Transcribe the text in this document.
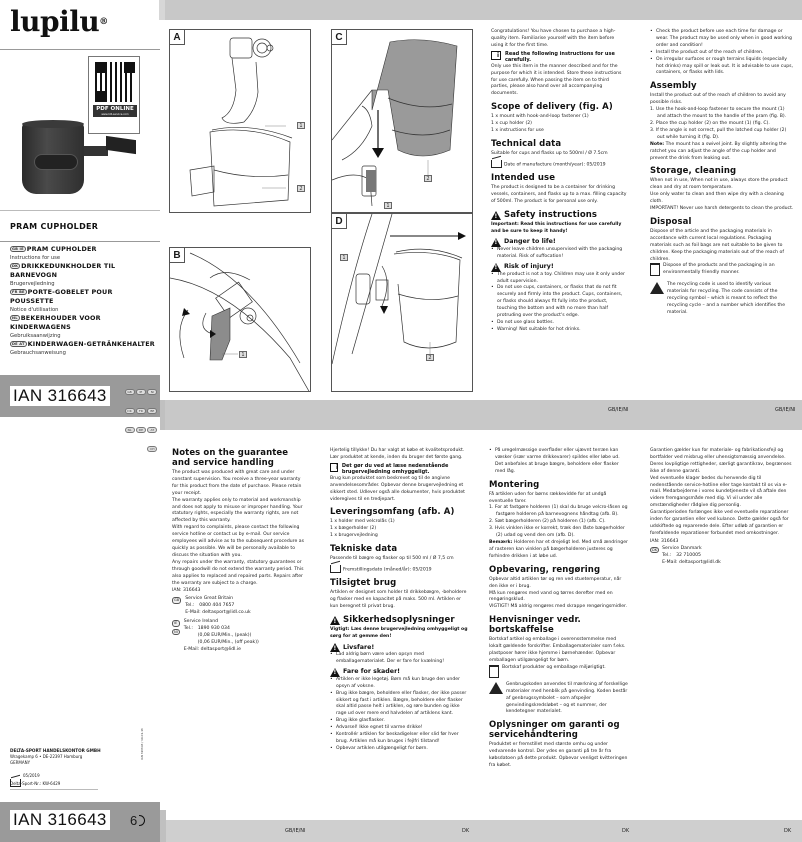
lupilu®
PDF ONLINE
www.lidl-service.com
PRAM CUPHOLDER
GB IE PRAM CUPHOLDER
Instructions for use
DK DRIKKEDUNKHOLDER TIL BARNEVOGN
Brugervejledning
FR BE PORTE-GOBELET POUR POUSSETTE
Notice d'utilisation
NL BEKERHOUDER VOOR KINDERWAGENS
Gebruiksaanwijzing
DE AT KINDERWAGEN-GETRÄNKEHALTER
Gebrauchsanweisung
IAN 316643	GB	IE	NI
DK FR BE
NL DE AT
CH
A
1
2
B
1
C
2
1
D
1
2

Congratulations! You have chosen to purchase a high-quality item. Familiarise yourself with the item before using it for the first time.

i
Read the following instructions for use carefully.

Only use this item in the manner described and for the purpose for which it is intended. Store these instructions for use carefully. When passing the item on to third parties, please also hand over all accompanying documents.

Scope of delivery (fig. A)

1 x mount with hook-and-loop fastener (1)

1 x cup holder (2)

1 x instructions for use

Technical data

Suitable for cups and flasks up to 500ml / Ø 7.5cm

Date of manufacture (month/year): 05/2019

Intended use

The product is designed to be a container for drinking vessels, containers, and flasks up to a max. filling capacity of 500ml. The product is for personal use only.

!
Safety instructions

Important: Read this instructions for use carefully and be sure to keep it handy!

!
Danger to life!
• Never leave children unsupervised with the packaging material. Risk of suffocation!
!
Risk of injury!
• The product is not a toy. Children may use it only under adult supervision.
• Do not use cups, containers, or flasks that do not fit securely and firmly into the product. Cups, containers, or flasks should always fit fully into the product, touching the bottom and with no more than half protruding over the product's edge.
• Do not use glass bottles.
• Warning! Not suitable for hot drinks.
GB/IE/NI
• Check the product before use each time for damage or wear. The product may be used only when in good working order and condition!
• Install the product out of the reach of children.
• On irregular surfaces or rough terrains liquids (especially hot drinks) may spill or leak out. It is advisable to use cups, containers, or flasks with lids.
Assembly

Install the product out of the reach of children to avoid any possible risks.

1. Use the hook-and-loop fastener to secure the mount (1) and attach the mount to the handle of the pram (fig. B).
2. Place the cup holder (2) on the mount (1) (fig. C).
3. If the angle is not correct, pull the latched cup holder (2) out while turning it (fig. D).

Note: The mount has a swivel joint. By slightly altering the ratchet you can adjust the angle of the cup holder and prevent the drink from leaking out.

Storage, cleaning

When not in use, When not in use, always store the product clean and dry at room temperature.

Use only water to clean and then wipe dry with a cleaning cloth.

IMPORTANT! Never use harsh detergents to clean the product.

Disposal

Dispose of the article and the packaging materials in accordance with current local regulations. Packaging materials such as foil bags are not suitable to be given to children. Keep the packaging materials out of the reach of children.

Dispose of the products and the packaging in an environmentally friendly manner.
The recycling code is used to identify various materials for recycling. The code consists of the recycling symbol – which is meant to reflect the recycling cycle – and a number which identifies the material.
GB/IE/NI
DELTA-SPORT HANDELSKONTOR GMBH
Wragekamp 6 • DE-22397 Hamburg
GERMANY
05/2019
Delta-Sport-Nr.: KW-6429
IAN 316643 / 19-01-16
IAN 316643 6
Notes on the guarantee and service handling

The product was produced with great care and under constant supervision. You receive a three-year warranty for this product from the date of purchase. Please retain your receipt.

The warranty applies only to material and workmanship and does not apply to misuse or improper handling. Your statutory rights, especially the warranty rights, are not affected by this warranty.

With regard to complaints, please contact the following service hotline or contact us by e-mail. Our service employees will advise as to the subsequent procedure as quickly as possible. We will be personally available to discuss the situation with you.

Any repairs under the warranty, statutory guarantees or through goodwill do not extend the warranty period. This also applies to replaced and repaired parts. Repairs after the warranty are subject to a charge.

IAN: 316643

GB	Service Great Britain
Tel.: 0800 404 7657
E-Mail: deltasport@lidl.co.uk
IE
NI
Service Ireland
Tel.: 1890 930 034
(0,08 EUR/Min., (peak))
(0,06 EUR/Min., (off peak))
E-Mail: deltasport@lidl.ie

Hjertelig tillykke! Du har valgt at købe et kvalitetsprodukt. Lær produktet at kende, inden du bruger det første gang.

i
Det gør du ved at læse nedenstående brugervejledning omhyggeligt.

Brug kun produktet som beskrevet og til de angivne anvendelsesområder. Opbevar denne brugervejledning et sikkert sted. Udlever også alle dokumenter, hvis produktet videregives til en tredjepart.

Leveringsomfang (afb. A)

1 x holder med velcrolås (1)

1 x bægerholder (2)

1 x brugervejledning

Tekniske data

Passende til bægre og flasker op til 500 ml / Ø 7,5 cm

Fremstillingsdato (måned/år): 05/2019

Tilsigtet brug

Artiklen er designet som holder til drikkebægre, -beholdere og flasker med en kapacitet på maks. 500 ml. Artiklen er kun beregnet til privat brug.

!
Sikkerhedsoplysninger

Vigtigt: Læs denne brugervejledning omhyggeligt og sørg for at gemme den!

!
Livsfare!
• Lad aldrig børn være uden opsyn med emballagematerialet. Der er fare for kvælning!
!
Fare for skader!
• Artiklen er ikke legetøj. Børn må kun bruge den under opsyn af voksne.
• Brug ikke bægre, beholdere eller flasker, der ikke passer sikkert og fast i artiklen. Bægre, beholdere eller flasker skal altid passe helt i artiklen, og røre bunden og ikke rage ud over mere end halvdelen af artiklens kant.
• Brug ikke glasflasker.
• Advarsel! Ikke egnet til varme drikke!
• Kontrollér artiklen for beskadigelser eller slid før hver brug. Artiklen må kun bruges i fejlfri tilstand!
• Opbevar artiklen utilgængeligt for børn.
• På uregelmæssige overflader eller ujævnt terræn kan væsker (især varme drikkevarer) spildes eller løbe ud. Det anbefales at bruge bægre, beholdere eller flasker med låg.
Montering

Få artiklen uden for børns rækkevidde for at undgå eventuelle farer.

1. For at fastgøre holderen (1) skal du bruge velcro-låsen og fastgøre holderen på barnevognens håndtag (afb. B).
2. Sæt bægerholderen (2) på holderen (1) (afb. C).
3. Hvis vinklen ikke er korrekt, træk den låste bægerholder (2) udad og vend den om (afb. D).

Bemærk: Holderen har et drejeligt led. Med små ændringer af rasteren kan vinklen på bægerholderen justeres og forhindre drikken i at løbe ud.

Opbevaring, rengøring

Opbevar altid artiklen tør og ren ved stuetemperatur, når den ikke er i brug.

Må kun rengøres med vand og tørres derefter med en rengøringsklud.

VIGTIGT! Må aldrig rengøres med skrappe rengøringsmidler.

Henvisninger vedr. bortskaffelse

Bortskaf artikel og emballage i overensstemmelse med lokalt gældende forskrifter. Emballagematerialer som f.eks. plastposer hører ikke hjemme i børnehænder. Opbevar emballagen utilgængeligt for børn.

Bortskaf produkter og emballage miljørigtigt.
Genbrugskoden anvendes til mærkning af forskellige materialer med henblik på genvinding. Koden består af genbrugssymbolet – som afspejler genvindingskredsløbet – og et nummer, der kendetegner materialet.
Oplysninger om garanti og servicehåndtering

Produktet er fremstillet med største omhu og under vedvarende kontrol. Der ydes en garanti på tre år fra købsdatoen på dette produkt. Opbevar venligst kvitteringen fra købet.

Garantien gælder kun for materiale- og fabrikationsfejl og bortfalder ved misbrug eller uhensigtsmæssig anvendelse. Deres lovpligtige rettigheder, særligt garantikrav, begrænses ikke af denne garanti.

Ved eventuelle klager bedes du henvende dig til nedenstående service-hotline eller tage kontakt til os via e-mail. Medarbejderne i vores kundetjeneste vil så aftale den videre fremgangsmåde med dig. Vi vil under alle omstændigheder rådgive dig personlig.

Garantiperioden forlænges ikke ved eventuelle reparationer inden for garantien eller ved kulance. Dette gælder også for udskiftede og reparerede dele. Efter udløb af garantien er forefaldende reparationer forbundet med omkostninger.

IAN: 316643

DK	Service Danmark
Tel.: 32 710005
E-Mail: deltasport@lidl.dk
GB/IE/NI	DK	DK	DK
